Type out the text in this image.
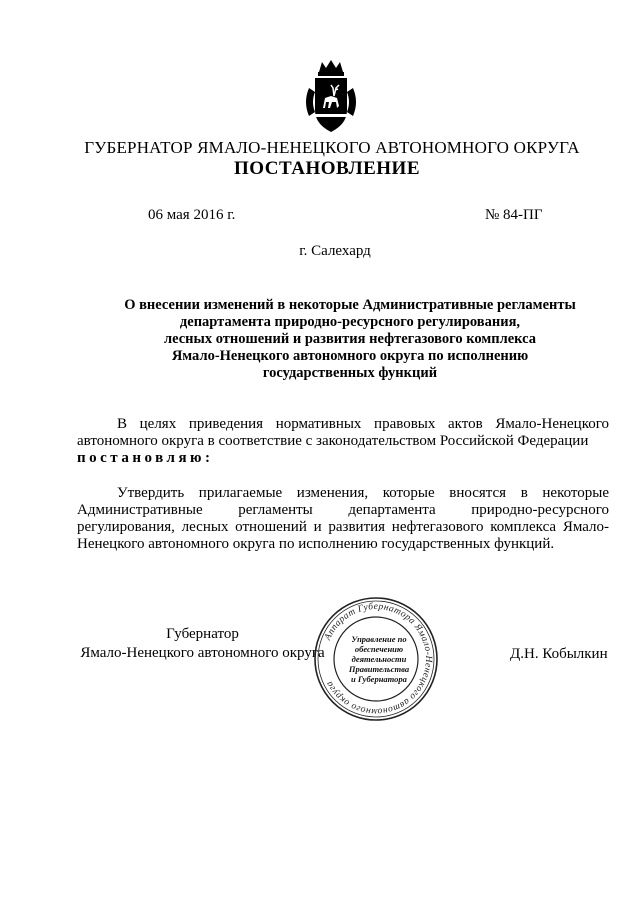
ГУБЕРНАТОР ЯМАЛО-НЕНЕЦКОГО АВТОНОМНОГО ОКРУГА
ПОСТАНОВЛЕНИЕ
06 мая 2016 г.	№ 84-ПГ
г. Салехард
О внесении изменений в некоторые Административные регламенты
департамента природно-ресурсного регулирования,
лесных отношений и развития нефтегазового комплекса
Ямало-Ненецкого автономного округа по исполнению
государственных функций
В целях приведения нормативных правовых актов Ямало-Ненецкого автономного округа в соответствие с законодательством Российской Федерации
постановляю:
Утвердить прилагаемые изменения, которые вносятся в некоторые Административные регламенты департамента природно-ресурсного регулирования, лесных отношений и развития нефтегазового комплекса Ямало-Ненецкого автономного округа по исполнению государственных функций.
Губернатор
Ямало-Ненецкого автономного округа
Аппарат Губернатора Ямало-Ненецкого автономного округа
Управление по
обеспечению
деятельности
Правительства
и Губернатора
Д.Н. Кобылкин
